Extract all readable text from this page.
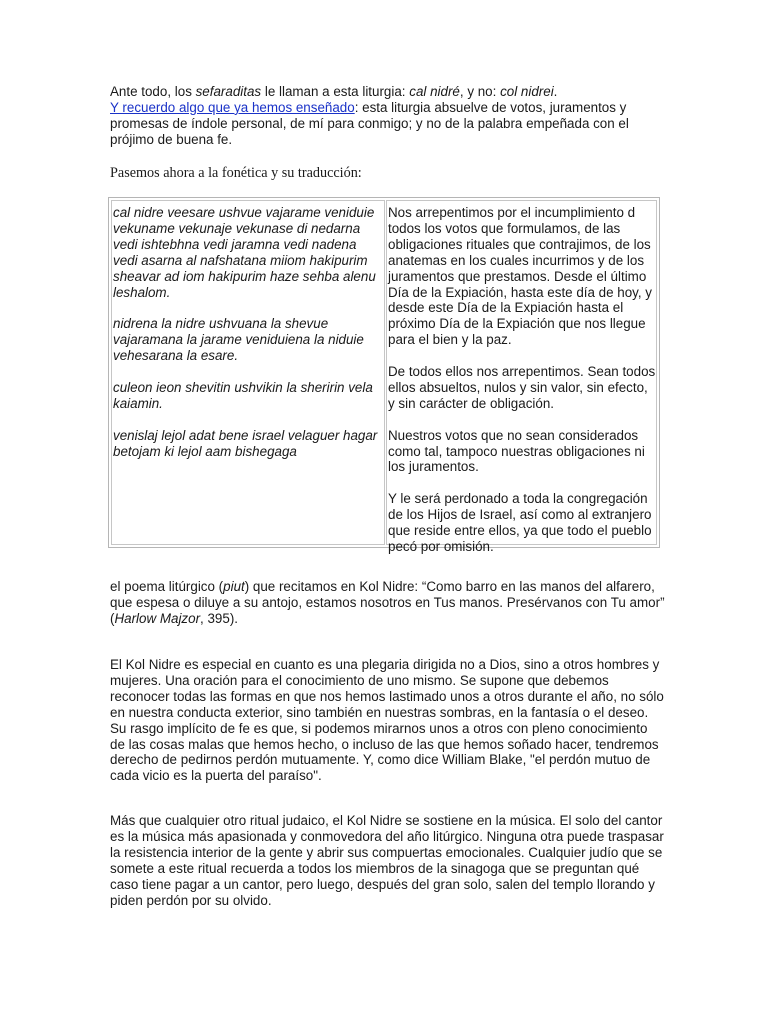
Ante todo, los sefaraditas le llaman a esta liturgia: cal nidré, y no: col nidrei.
Y recuerdo algo que ya hemos enseñado: esta liturgia absuelve de votos, juramentos y promesas de índole personal, de mí para conmigo; y no de la palabra empeñada con el prójimo de buena fe.

Pasemos ahora a la fonética y su traducción:

cal nidre veesare ushvue vajarame veniduie vekuname vekunaje vekunase di nedarna vedi ishtebhna vedi jaramna vedi nadena vedi asarna al nafshatana miiom hakipurim sheavar ad iom hakipurim haze sehba alenu leshalom.

nidrena la nidre ushvuana la shevue vajaramana la jarame veniduiena la niduie vehesarana la esare.

culeon ieon shevitin ushvikin la sheririn vela kaiamin.

venislaj lejol adat bene israel velaguer hagar betojam ki lejol aam bishegaga

Nos arrepentimos por el incumplimiento d todos los votos que formulamos, de las obligaciones rituales que contrajimos, de los anatemas en los cuales incurrimos y de los juramentos que prestamos. Desde el último Día de la Expiación, hasta este día de hoy, y desde este Día de la Expiación hasta el próximo Día de la Expiación que nos llegue para el bien y la paz.

De todos ellos nos arrepentimos. Sean todos ellos absueltos, nulos y sin valor, sin efecto, y sin carácter de obligación.

Nuestros votos que no sean considerados como tal, tampoco nuestras obligaciones ni los juramentos.

Y le será perdonado a toda la congregación de los Hijos de Israel, así como al extranjero que reside entre ellos, ya que todo el pueblo pecó por omisión.

el poema litúrgico (piut) que recitamos en Kol Nidre: “Como barro en las manos del alfarero, que espesa o diluye a su antojo, estamos nosotros en Tus manos. Presérvanos con Tu amor” (Harlow Majzor, 395).

El Kol Nidre es especial en cuanto es una plegaria dirigida no a Dios, sino a otros hombres y mujeres. Una oración para el conocimiento de uno mismo. Se supone que debemos reconocer todas las formas en que nos hemos lastimado unos a otros durante el año, no sólo en nuestra conducta exterior, sino también en nuestras sombras, en la fantasía o el deseo. Su rasgo implícito de fe es que, si podemos mirarnos unos a otros con pleno conocimiento de las cosas malas que hemos hecho, o incluso de las que hemos soñado hacer, tendremos derecho de pedirnos perdón mutuamente. Y, como dice William Blake, "el perdón mutuo de cada vicio es la puerta del paraíso".

Más que cualquier otro ritual judaico, el Kol Nidre se sostiene en la música. El solo del cantor es la música más apasionada y conmovedora del año litúrgico. Ninguna otra puede traspasar la resistencia interior de la gente y abrir sus compuertas emocionales. Cualquier judío que se somete a este ritual recuerda a todos los miembros de la sinagoga que se preguntan qué caso tiene pagar a un cantor, pero luego, después del gran solo, salen del templo llorando y piden perdón por su olvido.
